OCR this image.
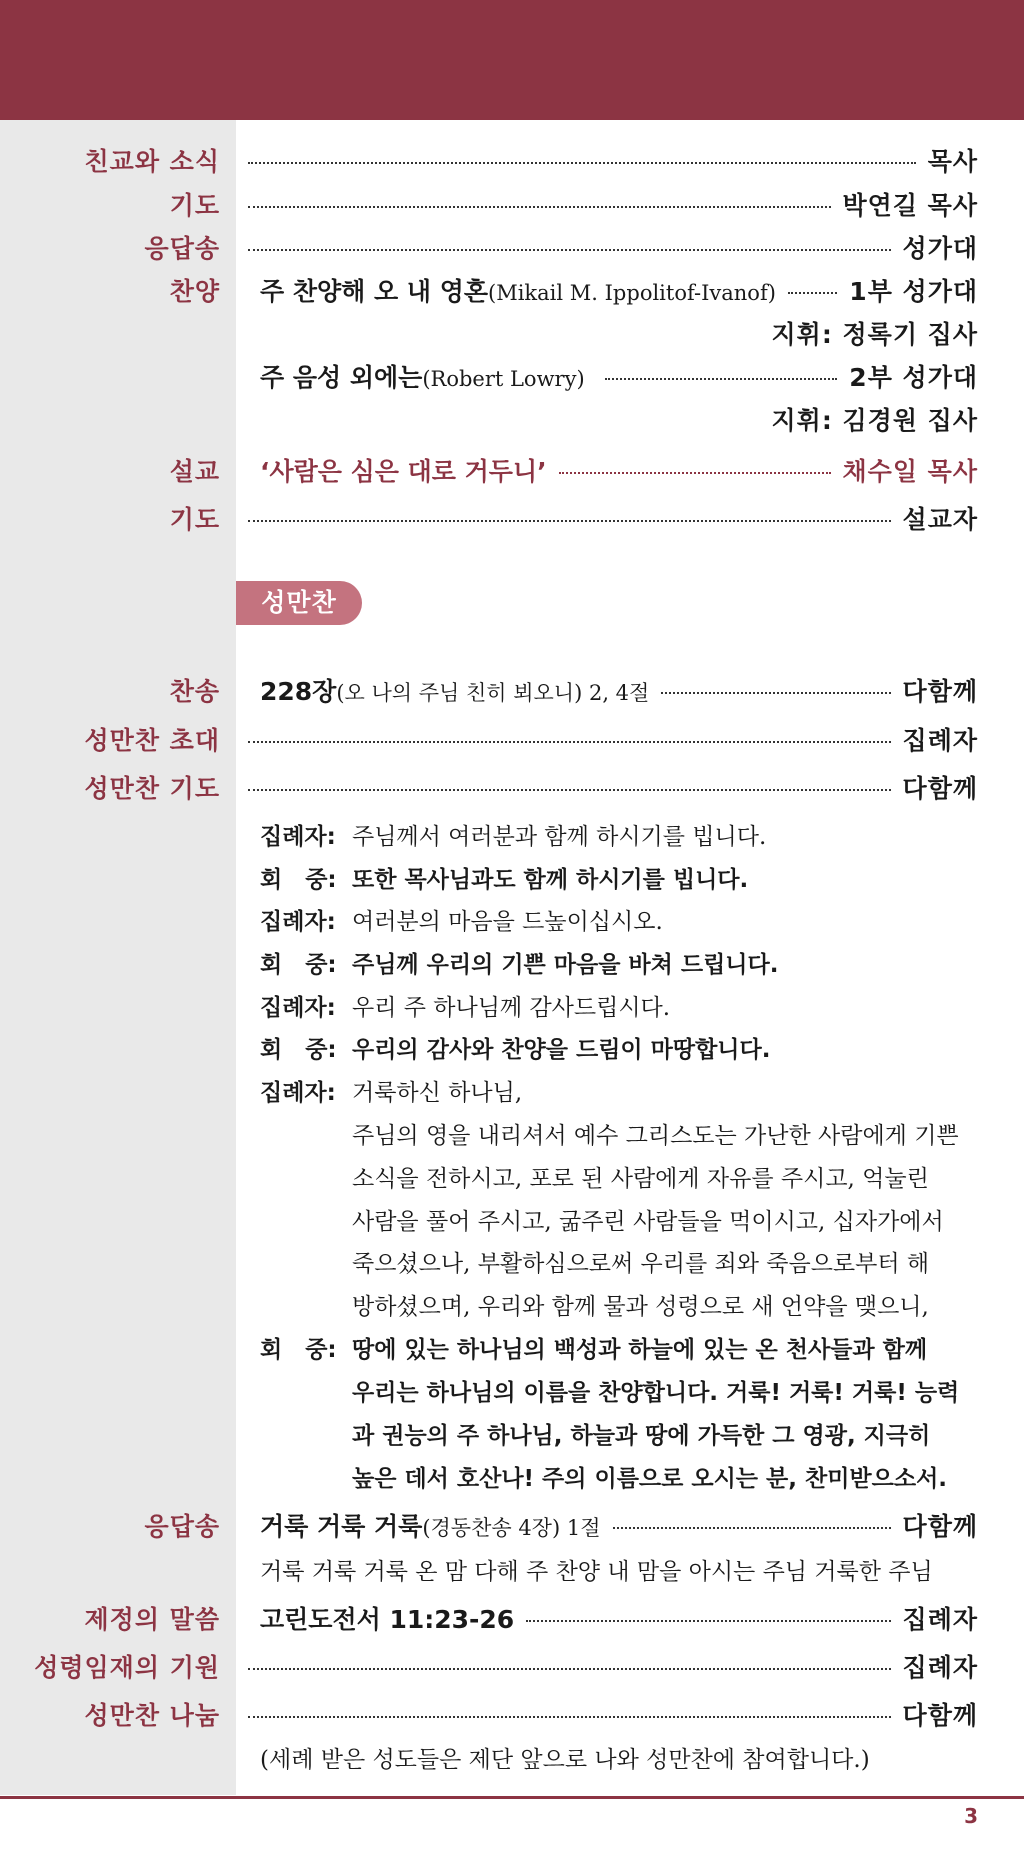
친교와 소식	목사
기도	박연길 목사
응답송	성가대
찬양 주 찬양해 오 내 영혼 (Mikail M. Ippolitof-Ivanof)	1부 성가대
지휘: 정록기 집사
주 음성 외에는 (Robert Lowry)	2부 성가대
지휘: 김경원 집사
설교 ‘사람은 심은 대로 거두니’	채수일 목사
기도	설교자
성만찬
찬송 228장 (오 나의 주님 친히 뵈오니) 2, 4절	다함께
성만찬 초대	집례자
성만찬 기도	다함께
집례자: 주님께서 여러분과 함께 하시기를 빕니다.
회　중: 또한 목사님과도 함께 하시기를 빕니다.
집례자: 여러분의 마음을 드높이십시오.
회　중: 주님께 우리의 기쁜 마음을 바쳐 드립니다.
집례자: 우리 주 하나님께 감사드립시다.
회　중: 우리의 감사와 찬양을 드림이 마땅합니다.
집례자: 거룩하신 하나님,
주님의 영을 내리셔서 예수 그리스도는 가난한 사람에게 기쁜
소식을 전하시고, 포로 된 사람에게 자유를 주시고, 억눌린
사람을 풀어 주시고, 굶주린 사람들을 먹이시고, 십자가에서
죽으셨으나, 부활하심으로써 우리를 죄와 죽음으로부터 해
방하셨으며, 우리와 함께 물과 성령으로 새 언약을 맺으니,
회　중: 땅에 있는 하나님의 백성과 하늘에 있는 온 천사들과 함께
우리는 하나님의 이름을 찬양합니다. 거룩! 거룩! 거룩! 능력
과 권능의 주 하나님, 하늘과 땅에 가득한 그 영광, 지극히
높은 데서 호산나! 주의 이름으로 오시는 분, 찬미받으소서.
응답송 거룩 거룩 거룩 (경동찬송 4장) 1절	다함께
거룩 거룩 거룩 온 맘 다해 주 찬양 내 맘을 아시는 주님 거룩한 주님
제정의 말씀 고린도전서 11:23-26	집례자
성령임재의 기원	집례자
성만찬 나눔	다함께
(세례 받은 성도들은 제단 앞으로 나와 성만찬에 참여합니다.)
3
